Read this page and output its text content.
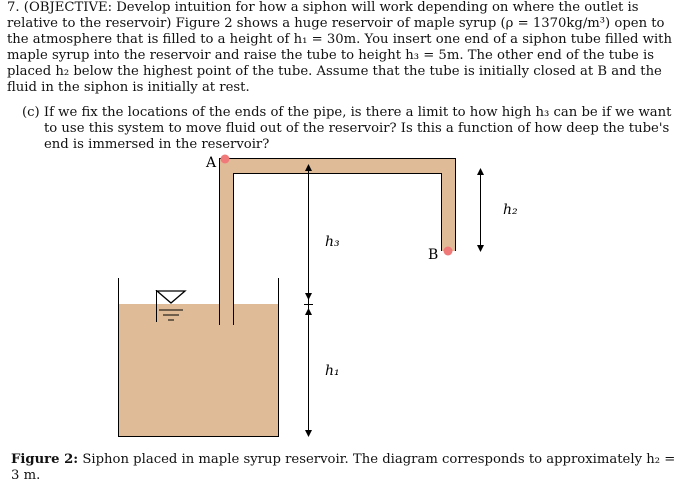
7. (OBJECTIVE: Develop intuition for how a siphon will work depending on where the outlet is relative to the reservoir) Figure 2 shows a huge reservoir of maple syrup (ρ = 1370kg/m³) open to the atmosphere that is filled to a height of h₁ = 30m. You insert one end of a siphon tube filled with maple syrup into the reservoir and raise the tube to height h₃ = 5m. The other end of the tube is placed h₂ below the highest point of the tube. Assume that the tube is initially closed at B and the fluid in the siphon is initially at rest.

(c) If we fix the locations of the ends of the pipe, is there a limit to how high h₃ can be if we want to use this system to move fluid out of the reservoir? Is this a function of how deep the tube's end is immersed in the reservoir?

A
B
h₃
h₁
h₂
Figure 2: Siphon placed in maple syrup reservoir. The diagram corresponds to approximately h₂ = 3 m.
